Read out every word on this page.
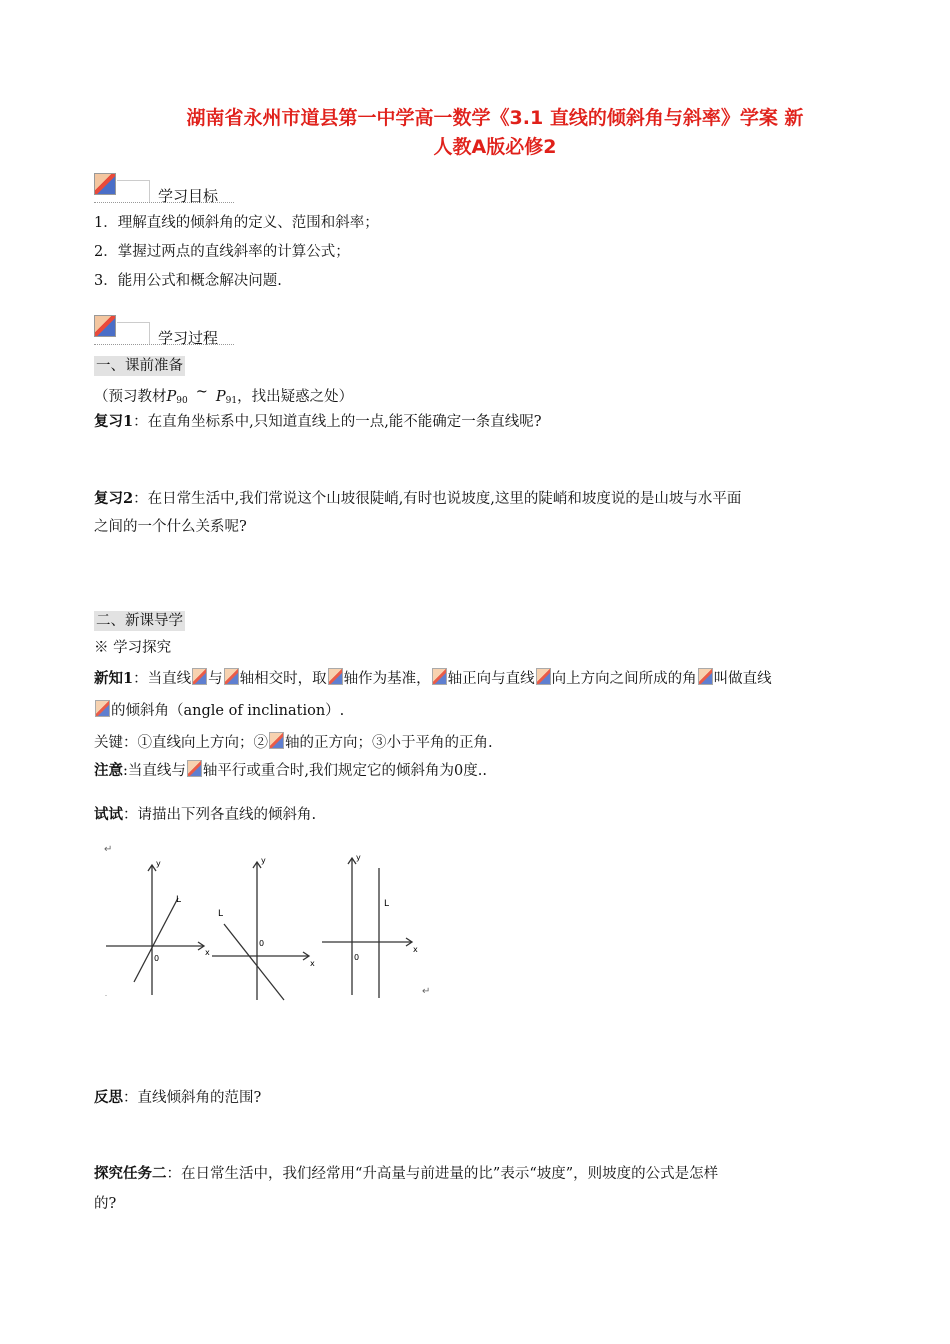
湖南省永州市道县第一中学高一数学《3.1 直线的倾斜角与斜率》学案 新
人教A版必修2
学习目标
1．理解直线的倾斜角的定义、范围和斜率；
2．掌握过两点的直线斜率的计算公式；
3．能用公式和概念解决问题.
学习过程
一、课前准备
（预习教材$P_{90}\sim$ $P_{91}$，找出疑惑之处）
复习1：在直角坐标系中,只知道直线上的一点,能不能确定一条直线呢?
复习2：在日常生活中,我们常说这个山坡很陡峭,有时也说坡度,这里的陡峭和坡度说的是山坡与水平面
之间的一个什么关系呢?
二、新课导学
※ 学习探究
新知1：当直线 与 轴相交时，取 轴作为基准， 轴正向与直线 向上方向之间所成的角 叫做直线
的倾斜角（angle of inclination）.
关键：①直线向上方向；② 轴的正方向；③小于平角的正角.
注意:当直线与 轴平行或重合时,我们规定它的倾斜角为0度..
试试：请描出下列各直线的倾斜角.
↵
x
y
0
L
x
y
0
L
x
y
0
L
↵
反思：直线倾斜角的范围?
探究任务二：在日常生活中，我们经常用“升高量与前进量的比”表示“坡度”，则坡度的公式是怎样
的?
